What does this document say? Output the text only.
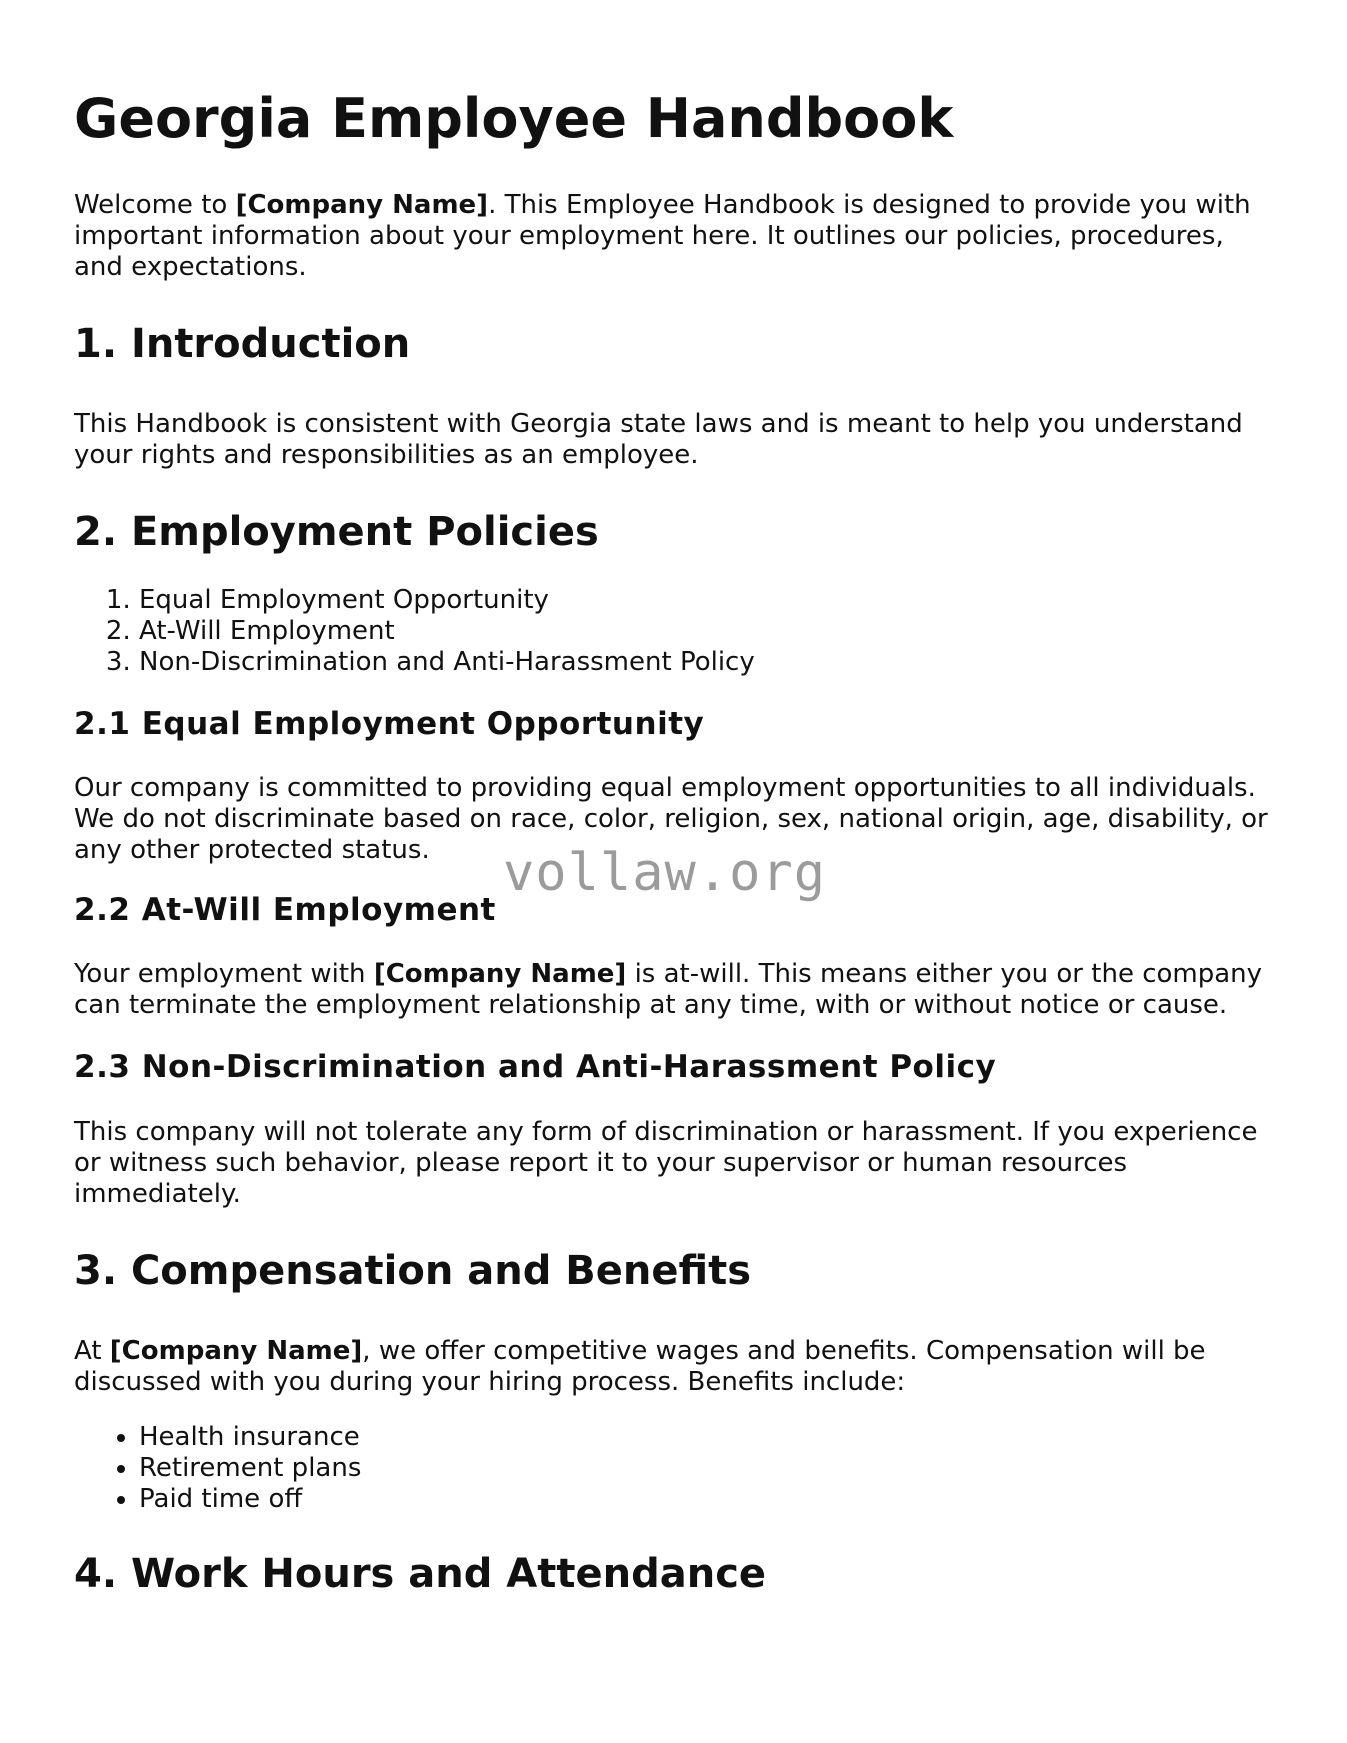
Georgia Employee Handbook

Welcome to [Company Name]. This Employee Handbook is designed to provide you with important information about your employment here. It outlines our policies, procedures, and expectations.

1. Introduction

This Handbook is consistent with Georgia state laws and is meant to help you understand your rights and responsibilities as an employee.

2. Employment Policies
1. Equal Employment Opportunity
2. At-Will Employment
3. Non-Discrimination and Anti-Harassment Policy
2.1 Equal Employment Opportunity

Our company is committed to providing equal employment opportunities to all individuals. We do not discriminate based on race, color, religion, sex, national origin, age, disability, or any other protected status.

2.2 At-Will Employment

Your employment with [Company Name] is at-will. This means either you or the company can terminate the employment relationship at any time, with or without notice or cause.

2.3 Non-Discrimination and Anti-Harassment Policy

This company will not tolerate any form of discrimination or harassment. If you experience or witness such behavior, please report it to your supervisor or human resources immediately.

3. Compensation and Benefits

At [Company Name], we offer competitive wages and benefits. Compensation will be discussed with you during your hiring process. Benefits include:

• Health insurance
• Retirement plans
• Paid time off
4. Work Hours and Attendance
vollaw.org
